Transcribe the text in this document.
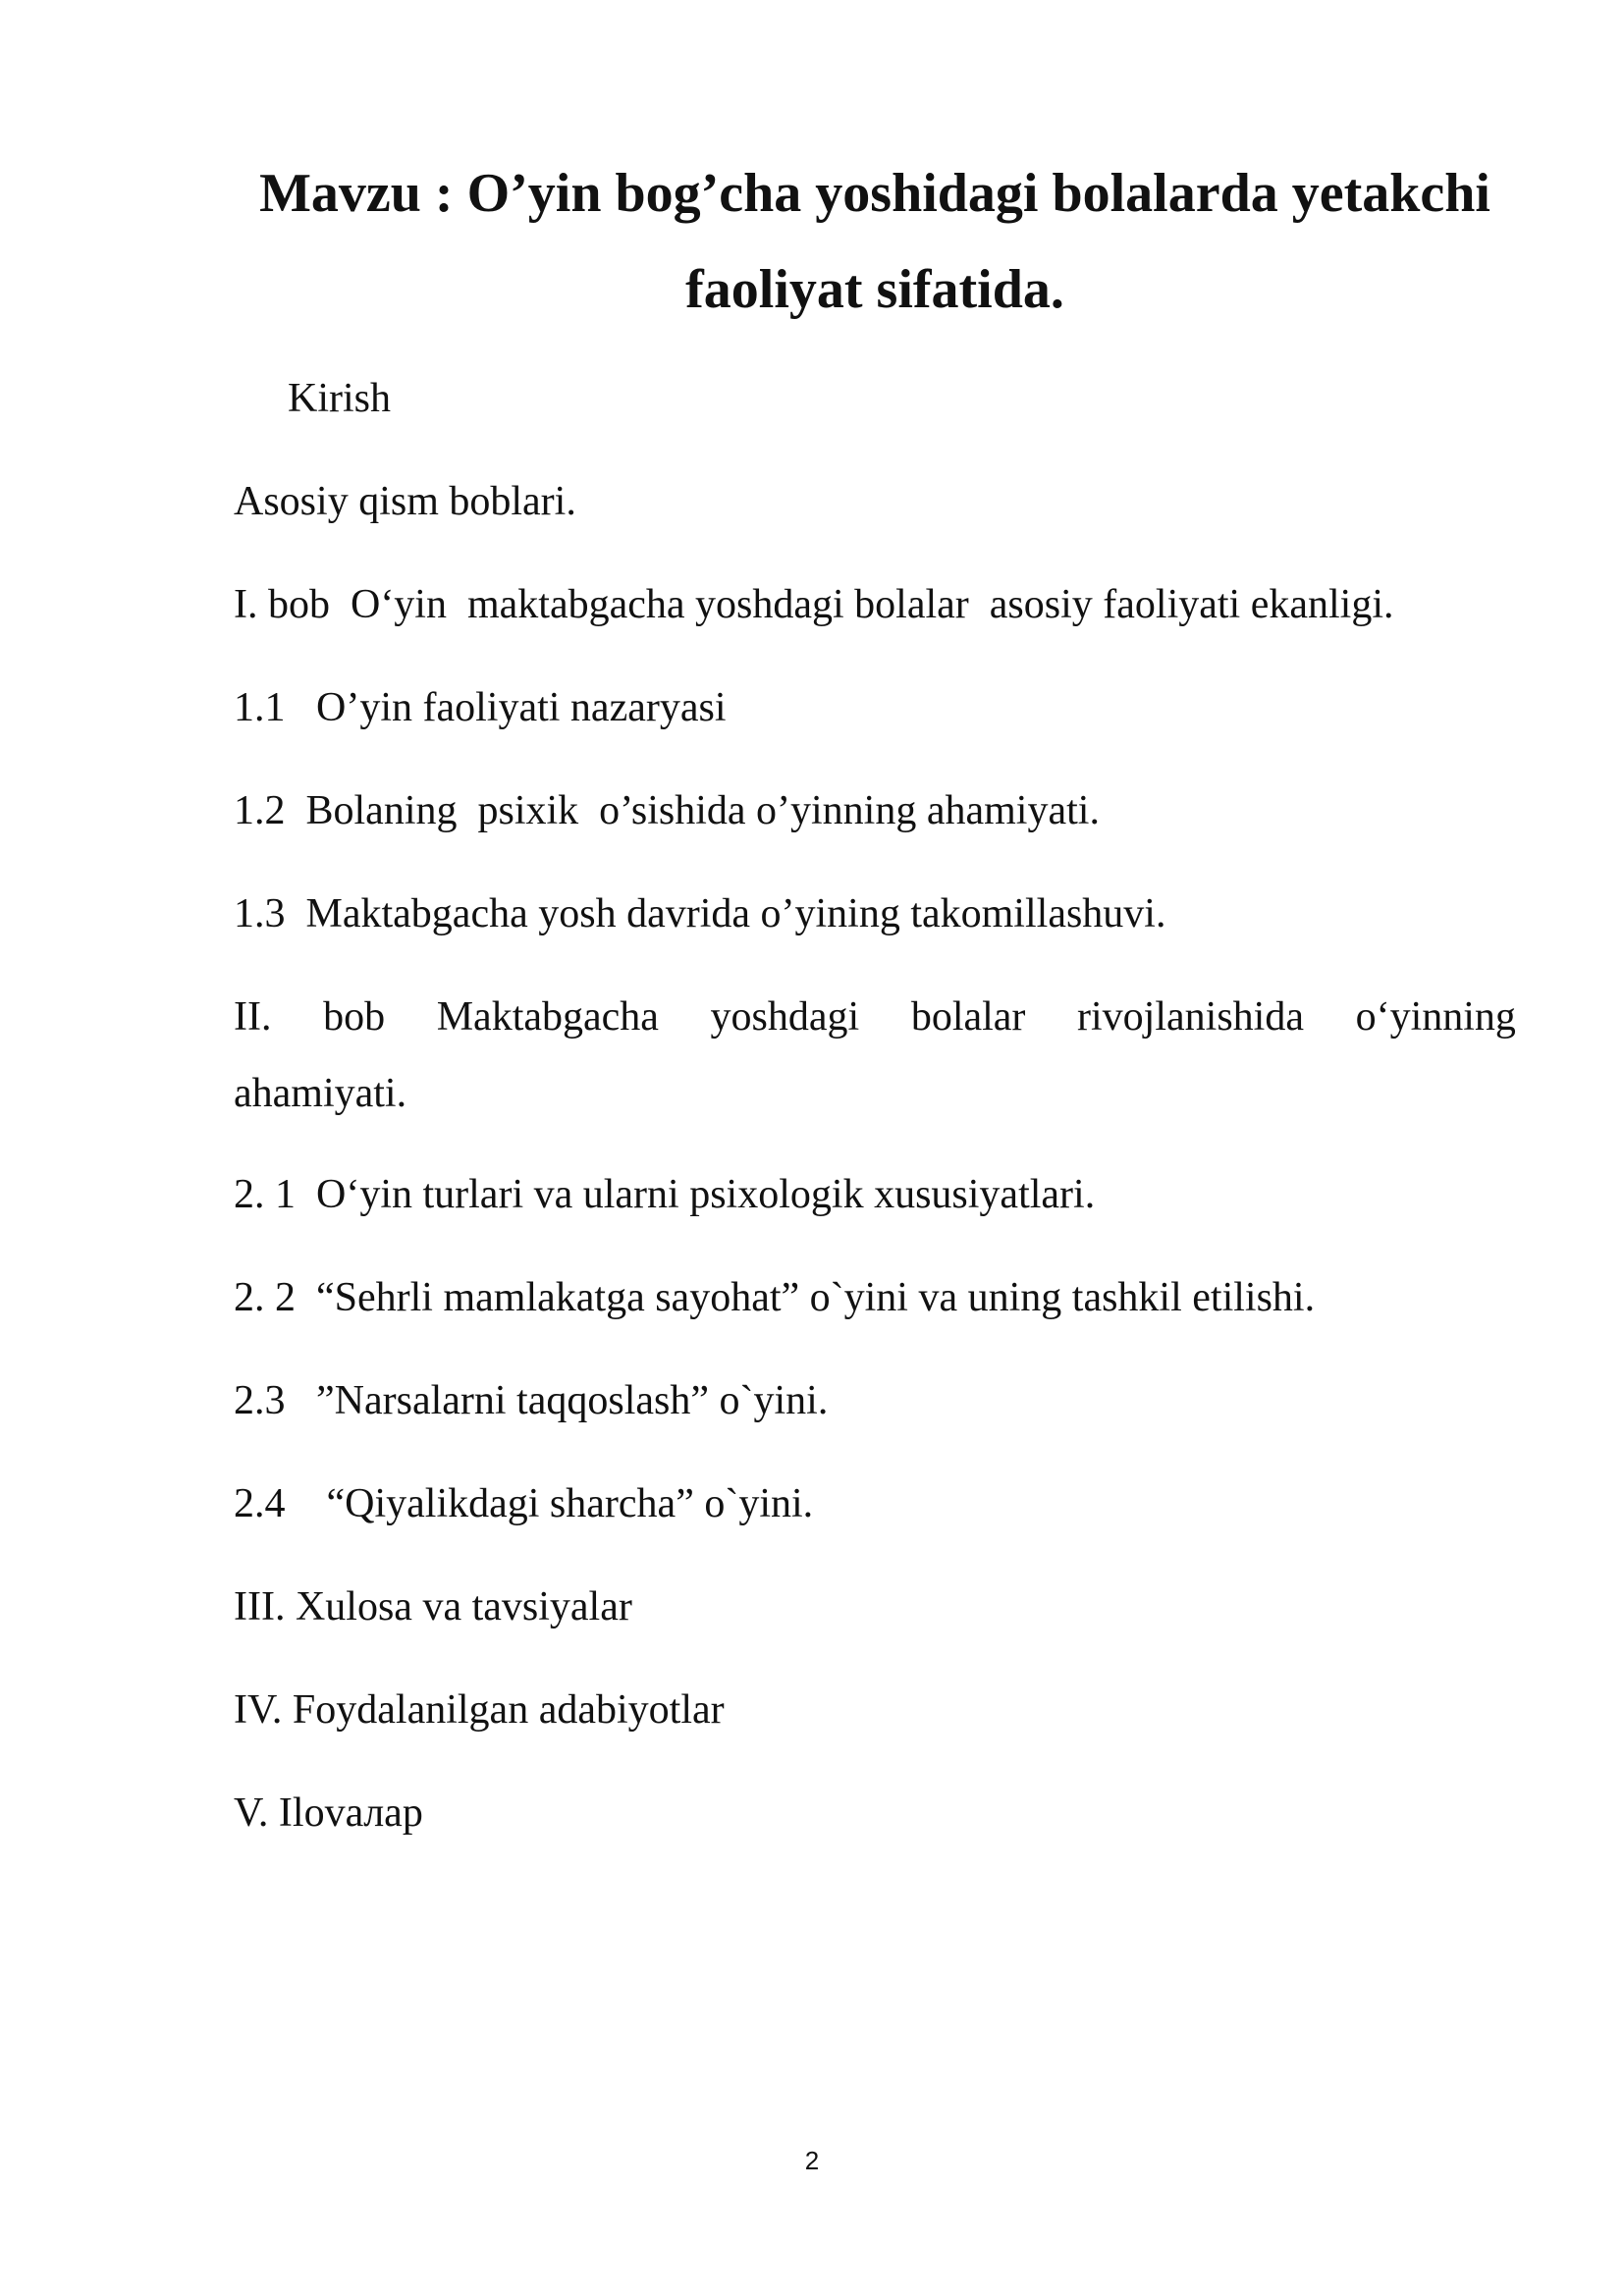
Mavzu : O’yin bog’cha yoshidagi bolalarda yetakchi faoliyat sifatida.

Kirish

Asosiy qism boblari.

I. bob  O‘yin  maktabgacha yoshdagi bolalar  asosiy faoliyati ekanligi.

1.1   O’yin faoliyati nazaryasi

1.2  Bolaning  psixik  o’sishida o’yinning ahamiyati.

1.3  Maktabgacha yosh davrida o’yining takomillashuvi.

II. bob Maktabgacha yoshdagi bolalar rivojlanishida o‘yinning
ahamiyati.

2. 1  O‘yin turlari va ularni psixologik xususiyatlari.

2. 2  “Sehrli mamlakatga sayohat” o`yini va uning tashkil etilishi.

2.3   ”Narsalarni taqqoslash” o`yini.

2.4    “Qiyalikdagi sharcha” o`yini.

III. Xulosa va tavsiyalar

IV. Foydalanilgan adabiyotlar

V. Ilovaлар

2
